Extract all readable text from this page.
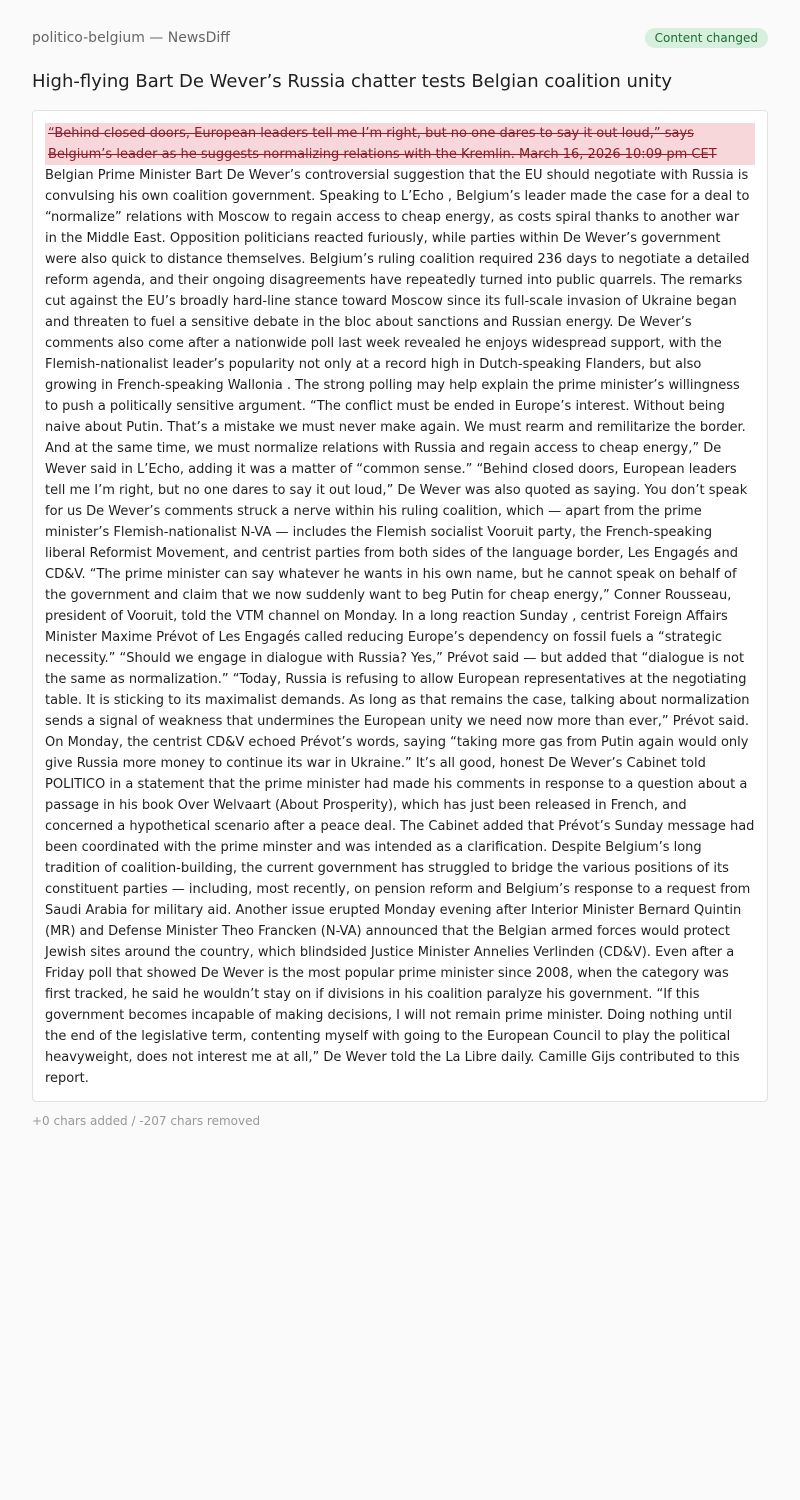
politico-belgium — NewsDiff	Content changed
High-flying Bart De Wever’s Russia chatter tests Belgian coalition unity
“Behind closed doors, European leaders tell me I’m right, but no one dares to say it out loud,” says Belgium’s leader as he suggests normalizing relations with the Kremlin. March 16, 2026 10:09 pm CET
Belgian Prime Minister Bart De Wever’s controversial suggestion that the EU should negotiate with Russia is convulsing his own coalition government. Speaking to L’Echo , Belgium’s leader made the case for a deal to “normalize” relations with Moscow to regain access to cheap energy, as costs spiral thanks to another war in the Middle East. Opposition politicians reacted furiously, while parties within De Wever’s government were also quick to distance themselves. Belgium’s ruling coalition required 236 days to negotiate a detailed reform agenda, and their ongoing disagreements have repeatedly turned into public quarrels. The remarks cut against the EU’s broadly hard-line stance toward Moscow since its full-scale invasion of Ukraine began and threaten to fuel a sensitive debate in the bloc about sanctions and Russian energy. De Wever’s comments also come after a nationwide poll last week revealed he enjoys widespread support, with the Flemish-nationalist leader’s popularity not only at a record high in Dutch-speaking Flanders, but also growing in French-speaking Wallonia . The strong polling may help explain the prime minister’s willingness to push a politically sensitive argument. “The conflict must be ended in Europe’s interest. Without being naive about Putin. That’s a mistake we must never make again. We must rearm and remilitarize the border. And at the same time, we must normalize relations with Russia and regain access to cheap energy,” De Wever said in L’Echo, adding it was a matter of “common sense.” “Behind closed doors, European leaders tell me I’m right, but no one dares to say it out loud,” De Wever was also quoted as saying. You don’t speak for us De Wever’s comments struck a nerve within his ruling coalition, which — apart from the prime minister’s Flemish-nationalist N-VA — includes the Flemish socialist Vooruit party, the French-speaking liberal Reformist Movement, and centrist parties from both sides of the language border, Les Engagés and CD&V. “The prime minister can say whatever he wants in his own name, but he cannot speak on behalf of the government and claim that we now suddenly want to beg Putin for cheap energy,” Conner Rousseau, president of Vooruit, told the VTM channel on Monday. In a long reaction Sunday , centrist Foreign Affairs Minister Maxime Prévot of Les Engagés called reducing Europe’s dependency on fossil fuels a “strategic necessity.” “Should we engage in dialogue with Russia? Yes,” Prévot said — but added that “dialogue is not the same as normalization.” “Today, Russia is refusing to allow European representatives at the negotiating table. It is sticking to its maximalist demands. As long as that remains the case, talking about normalization sends a signal of weakness that undermines the European unity we need now more than ever,” Prévot said. On Monday, the centrist CD&V echoed Prévot’s words, saying “taking more gas from Putin again would only give Russia more money to continue its war in Ukraine.” It’s all good, honest De Wever’s Cabinet told POLITICO in a statement that the prime minister had made his comments in response to a question about a passage in his book Over Welvaart (About Prosperity), which has just been released in French, and concerned a hypothetical scenario after a peace deal. The Cabinet added that Prévot’s Sunday message had been coordinated with the prime minster and was intended as a clarification. Despite Belgium’s long tradition of coalition-building, the current government has struggled to bridge the various positions of its constituent parties — including, most recently, on pension reform and Belgium’s response to a request from Saudi Arabia for military aid. Another issue erupted Monday evening after Interior Minister Bernard Quintin (MR) and Defense Minister Theo Francken (N-VA) announced that the Belgian armed forces would protect Jewish sites around the country, which blindsided Justice Minister Annelies Verlinden (CD&V). Even after a Friday poll that showed De Wever is the most popular prime minister since 2008, when the category was first tracked, he said he wouldn’t stay on if divisions in his coalition paralyze his government. “If this government becomes incapable of making decisions, I will not remain prime minister. Doing nothing until the end of the legislative term, contenting myself with going to the European Council to play the political heavyweight, does not interest me at all,” De Wever told the La Libre daily. Camille Gijs contributed to this report.
+0 chars added / -207 chars removed
